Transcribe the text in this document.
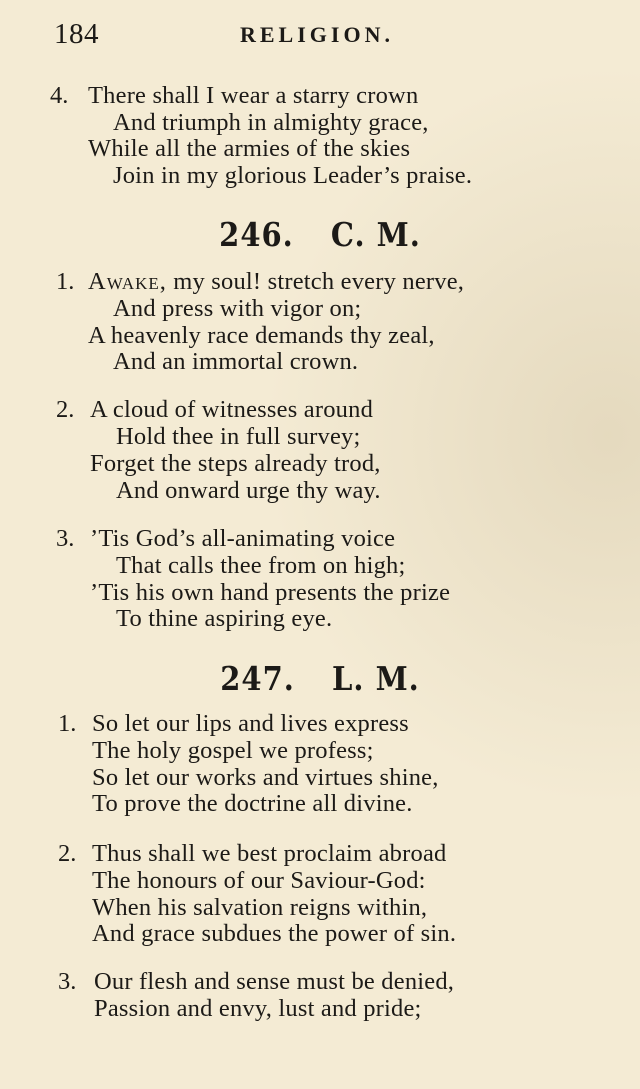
184	RELIGION.
4. There shall I wear a starry crown
And triumph in almighty grace,
While all the armies of the skies
Join in my glorious Leader’s praise.
246. C. M.
1. Awake, my soul! stretch every nerve,
And press with vigor on;
A heavenly race demands thy zeal,
And an immortal crown.
2. A cloud of witnesses around
Hold thee in full survey;
Forget the steps already trod,
And onward urge thy way.
3. ’Tis God’s all-animating voice
That calls thee from on high;
’Tis his own hand presents the prize
To thine aspiring eye.
247. L. M.
1. So let our lips and lives express
The holy gospel we profess;
So let our works and virtues shine,
To prove the doctrine all divine.
2. Thus shall we best proclaim abroad
The honours of our Saviour-God:
When his salvation reigns within,
And grace subdues the power of sin.
3. Our flesh and sense must be denied,
Passion and envy, lust and pride;
